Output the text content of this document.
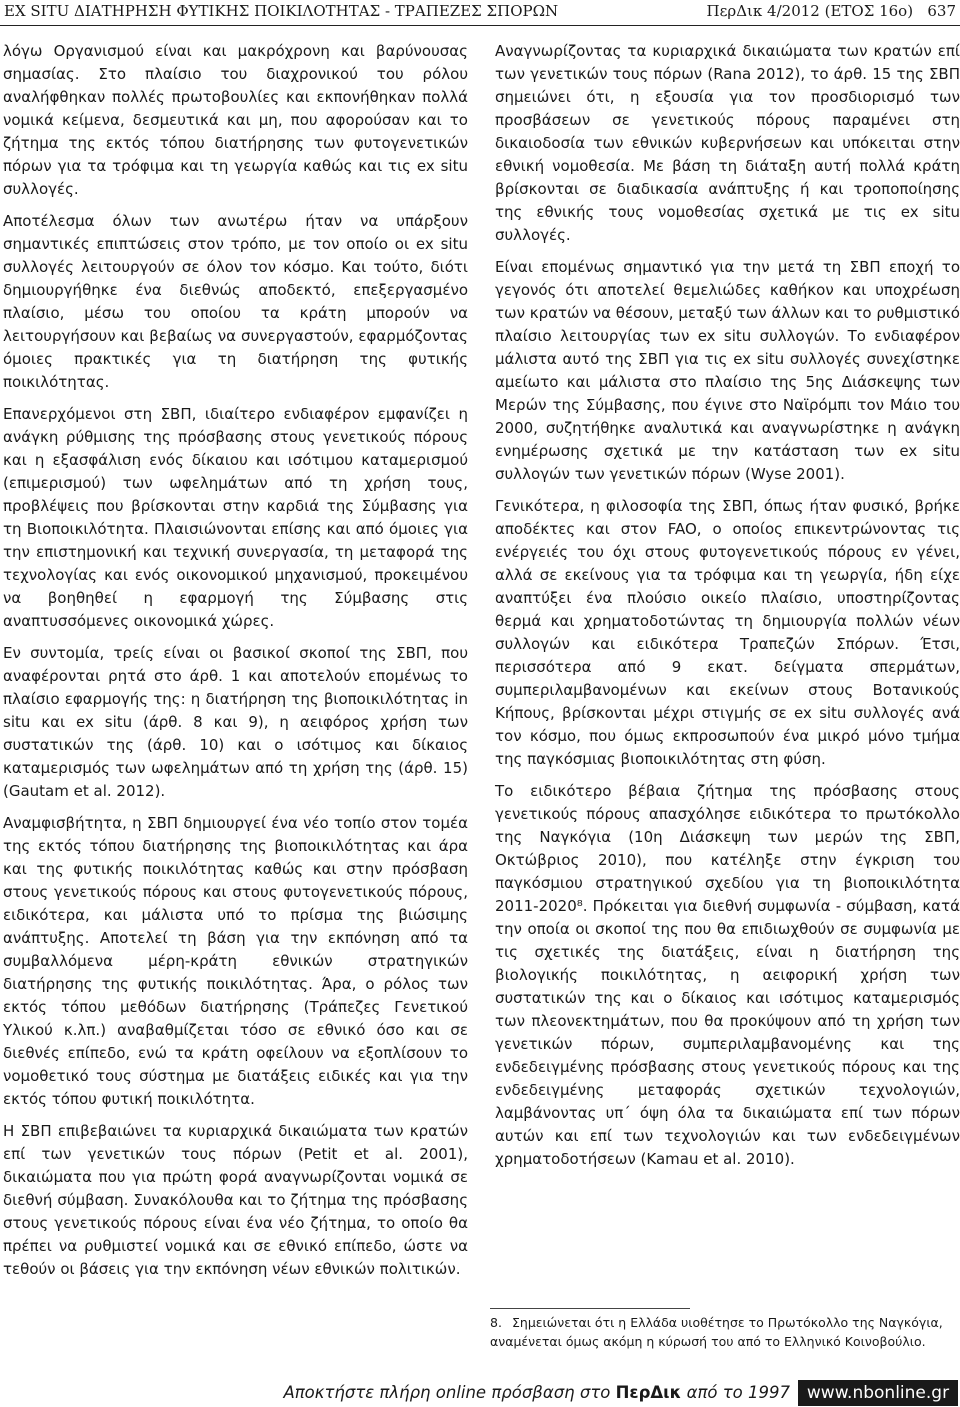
EX SITU ΔΙΑΤΗΡΗΣΗ ΦΥΤΙΚΗΣ ΠΟΙΚΙΛΟΤΗΤΑΣ - ΤΡΑΠΕΖΕΣ ΣΠΟΡΩΝ	ΠερΔικ 4/2012 (ΕΤΟΣ 16ο) 637

λόγω Οργανισμού είναι και μακρόχρονη και βαρύνουσας σημασίας. Στο πλαίσιο του διαχρονικού του ρόλου αναλήφθηκαν πολλές πρωτοβουλίες και εκπονήθηκαν πολλά νομικά κείμενα, δεσμευτικά και μη, που αφορούσαν και το ζήτημα της εκτός τόπου διατήρησης των φυτογενετικών πόρων για τα τρόφιμα και τη γεωργία καθώς και τις ex situ συλλογές.

Αποτέλεσμα όλων των ανωτέρω ήταν να υπάρξουν σημαντικές επιπτώσεις στον τρόπο, με τον οποίο οι ex situ συλλογές λειτουργούν σε όλον τον κόσμο. Και τούτο, διότι δημιουργήθηκε ένα διεθνώς αποδεκτό, επεξεργασμένο πλαίσιο, μέσω του οποίου τα κράτη μπορούν να λειτουργήσουν και βεβαίως να συνεργαστούν, εφαρμόζοντας όμοιες πρακτικές για τη διατήρηση της φυτικής ποικιλότητας.

Επανερχόμενοι στη ΣΒΠ, ιδιαίτερο ενδιαφέρον εμφανίζει η ανάγκη ρύθμισης της πρόσβασης στους γενετικούς πόρους και η εξασφάλιση ενός δίκαιου και ισότιμου καταμερισμού (επιμερισμού) των ωφελημάτων από τη χρήση τους, προβλέψεις που βρίσκονται στην καρδιά της Σύμβασης για τη Βιοποικιλότητα. Πλαισιώνονται επίσης και από όμοιες για την επιστημονική και τεχνική συνεργασία, τη μεταφορά της τεχνολογίας και ενός οικονομικού μηχανισμού, προκειμένου να βοηθηθεί η εφαρμογή της Σύμβασης στις αναπτυσσόμενες οικονομικά χώρες.

Εν συντομία, τρείς είναι οι βασικοί σκοποί της ΣΒΠ, που αναφέρονται ρητά στο άρθ. 1 και αποτελούν επομένως το πλαίσιο εφαρμογής της: η διατήρηση της βιοποικιλότητας in situ και ex situ (άρθ. 8 και 9), η αειφόρος χρήση των συστατικών της (άρθ. 10) και ο ισότιμος και δίκαιος καταμερισμός των ωφελημάτων από τη χρήση της (άρθ. 15) (Gautam et al. 2012).

Αναμφισβήτητα, η ΣΒΠ δημιουργεί ένα νέο τοπίο στον τομέα της εκτός τόπου διατήρησης της βιοποικιλότητας και άρα και της φυτικής ποικιλότητας καθώς και στην πρόσβαση στους γενετικούς πόρους και στους φυτογενετικούς πόρους, ειδικότερα, και μάλιστα υπό το πρίσμα της βιώσιμης ανάπτυξης. Αποτελεί τη βάση για την εκπόνηση από τα συμβαλλόμενα μέρη-κράτη εθνικών στρατηγικών διατήρησης της φυτικής ποικιλότητας. Άρα, ο ρόλος των εκτός τόπου μεθόδων διατήρησης (Τράπεζες Γενετικού Υλικού κ.λπ.) αναβαθμίζεται τόσο σε εθνικό όσο και σε διεθνές επίπεδο, ενώ τα κράτη οφείλουν να εξοπλίσουν το νομοθετικό τους σύστημα με διατάξεις ειδικές και για την εκτός τόπου φυτική ποικιλότητα.

Η ΣΒΠ επιβεβαιώνει τα κυριαρχικά δικαιώματα των κρατών επί των γενετικών τους πόρων (Petit et al. 2001), δικαιώματα που για πρώτη φορά αναγνωρίζονται νομικά σε διεθνή σύμβαση. Συνακόλουθα και το ζήτημα της πρόσβασης στους γενετικούς πόρους είναι ένα νέο ζήτημα, το οποίο θα πρέπει να ρυθμιστεί νομικά και σε εθνικό επίπεδο, ώστε να τεθούν οι βάσεις για την εκπόνηση νέων εθνικών πολιτικών.

Αναγνωρίζοντας τα κυριαρχικά δικαιώματα των κρατών επί των γενετικών τους πόρων (Rana 2012), το άρθ. 15 της ΣΒΠ σημειώνει ότι, η εξουσία για τον προσδιορισμό των προσβάσεων σε γενετικούς πόρους παραμένει στη δικαιοδοσία των εθνικών κυβερνήσεων και υπόκειται στην εθνική νομοθεσία. Με βάση τη διάταξη αυτή πολλά κράτη βρίσκονται σε διαδικασία ανάπτυξης ή και τροποποίησης της εθνικής τους νομοθεσίας σχετικά με τις ex situ συλλογές.

Είναι επομένως σημαντικό για την μετά τη ΣΒΠ εποχή το γεγονός ότι αποτελεί θεμελιώδες καθήκον και υποχρέωση των κρατών να θέσουν, μεταξύ των άλλων και το ρυθμιστικό πλαίσιο λειτουργίας των ex situ συλλογών. Το ενδιαφέρον μάλιστα αυτό της ΣΒΠ για τις ex situ συλλογές συνεχίστηκε αμείωτο και μάλιστα στο πλαίσιο της 5ης Διάσκεψης των Μερών της Σύμβασης, που έγινε στο Ναϊρόμπι τον Μάιο του 2000, συζητήθηκε αναλυτικά και αναγνωρίστηκε η ανάγκη ενημέρωσης σχετικά με την κατάσταση των ex situ συλλογών των γενετικών πόρων (Wyse 2001).

Γενικότερα, η φιλοσοφία της ΣΒΠ, όπως ήταν φυσικό, βρήκε αποδέκτες και στον FAO, ο οποίος επικεντρώνοντας τις ενέργειές του όχι στους φυτογενετικούς πόρους εν γένει, αλλά σε εκείνους για τα τρόφιμα και τη γεωργία, ήδη είχε αναπτύξει ένα πλούσιο οικείο πλαίσιο, υποστηρίζοντας θερμά και χρηματοδοτώντας τη δημιουργία πολλών νέων συλλογών και ειδικότερα Τραπεζών Σπόρων. Έτσι, περισσότερα από 9 εκατ. δείγματα σπερμάτων, συμπεριλαμβανομένων και εκείνων στους Βοτανικούς Κήπους, βρίσκονται μέχρι στιγμής σε ex situ συλλογές ανά τον κόσμο, που όμως εκπροσωπούν ένα μικρό μόνο τμήμα της παγκόσμιας βιοποικιλότητας στη φύση.

Το ειδικότερο βέβαια ζήτημα της πρόσβασης στους γενετικούς πόρους απασχόλησε ειδικότερα το πρωτόκολλο της Ναγκόγια (10η Διάσκεψη των μερών της ΣΒΠ, Οκτώβριος 2010), που κατέληξε στην έγκριση του παγκόσμιου στρατηγικού σχεδίου για τη βιοποικιλότητα 2011-2020⁸. Πρόκειται για διεθνή συμφωνία - σύμβαση, κατά την οποία οι σκοποί της που θα επιδιωχθούν σε συμφωνία με τις σχετικές της διατάξεις, είναι η διατήρηση της βιολογικής ποικιλότητας, η αειφορική χρήση των συστατικών της και ο δίκαιος και ισότιμος καταμερισμός των πλεονεκτημάτων, που θα προκύψουν από τη χρήση των γενετικών πόρων, συμπεριλαμβανομένης και της ενδεδειγμένης πρόσβασης στους γενετικούς πόρους και της ενδεδειγμένης μεταφοράς σχετικών τεχνολογιών, λαμβάνοντας υπ΄ όψη όλα τα δικαιώματα επί των πόρων αυτών και επί των τεχνολογιών και των ενδεδειγμένων χρηματοδοτήσεων (Kamau et al. 2010).

8. Σημειώνεται ότι η Ελλάδα υιοθέτησε το Πρωτόκολλο της Ναγκόγια, αναμένεται όμως ακόμη η κύρωσή του από το Ελληνικό Κοινοβούλιο.
Αποκτήστε πλήρη online πρόσβαση στο ΠερΔικ από το 1997 www.nbonline.gr
